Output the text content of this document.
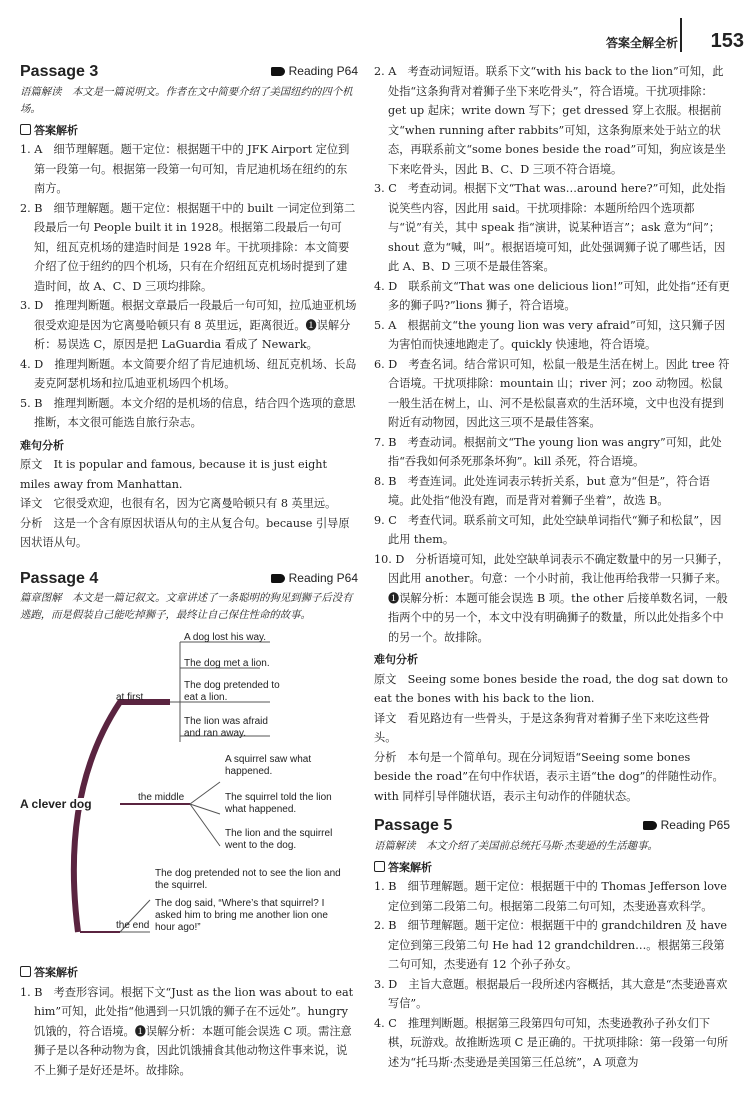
答案全解全析 153
Passage 3	Reading P64

语篇解读　本文是一篇说明文。作者在文中简要介绍了美国纽约的四个机场。

答案解析

1. A　细节理解题。题干定位：根据题干中的 JFK Airport 定位到第一段第一句。根据第一段第一句可知，肯尼迪机场在纽约的东南方。

2. B　细节理解题。题干定位：根据题干中的 built 一词定位到第二段最后一句 People built it in 1928。根据第二段最后一句可知，纽瓦克机场的建造时间是 1928 年。干扰项排除：本文简要介绍了位于纽约的四个机场，只有在介绍纽瓦克机场时提到了建造时间，故 A、C、D 三项均排除。

3. D　推理判断题。根据文章最后一段最后一句可知，拉瓜迪亚机场很受欢迎是因为它离曼哈顿只有 8 英里远，距离很近。❶误解分析：易误选 C，原因是把 LaGuardia 看成了 Newark。

4. D　推理判断题。本文简要介绍了肯尼迪机场、纽瓦克机场、长岛麦克阿瑟机场和拉瓜迪亚机场四个机场。

5. B　推理判断题。本文介绍的是机场的信息，结合四个选项的意思推断，本文很可能选自旅行杂志。

难句分析

原文　It is popular and famous, because it is just eight miles away from Manhattan.

译文　它很受欢迎，也很有名，因为它离曼哈顿只有 8 英里远。

分析　这是一个含有原因状语从句的主从复合句。because 引导原因状语从句。

Passage 4	Reading P64

篇章图解　本文是一篇记叙文。文章讲述了一条聪明的狗见到狮子后没有逃跑，而是假装自己能吃掉狮子，最终让自己保住性命的故事。

A clever dog
at first
the middle
the end
A dog lost his way.
The dog met a lion.
The dog pretended to eat a lion.
The lion was afraid and ran away.
A squirrel saw what happened.
The squirrel told the lion what happened.
The lion and the squirrel went to the dog.
The dog pretended not to see the lion and the squirrel.
The dog said, “Where’s that squirrel? I asked him to bring me another lion one hour ago!”
答案解析

1. B　考查形容词。根据下文“Just as the lion was about to eat him”可知，此处指“他遇到一只饥饿的狮子在不远处”。hungry 饥饿的，符合语境。❶误解分析：本题可能会误选 C 项。需注意狮子是以各种动物为食，因此饥饿捕食其他动物这件事来说，说不上狮子是好还是坏。故排除。

2. A　考查动词短语。联系下文“with his back to the lion”可知，此处指“这条狗背对着狮子坐下来吃骨头”，符合语境。干扰项排除：get up 起床；write down 写下；get dressed 穿上衣服。根据前文“when running after rabbits”可知，这条狗原来处于站立的状态，再联系前文“some bones beside the road”可知，狗应该是坐下来吃骨头，因此 B、C、D 三项不符合语境。

3. C　考查动词。根据下文“That was…around here?”可知，此处指说笑些内容，因此用 said。干扰项排除：本题所给四个选项都与“说”有关，其中 speak 指“演讲，说某种语言”；ask 意为“问”；shout 意为“喊，叫”。根据语境可知，此处强调狮子说了哪些话，因此 A、B、D 三项不是最佳答案。

4. D　联系前文“That was one delicious lion!”可知，此处指“还有更多的狮子吗?”lions 狮子，符合语境。

5. A　根据前文“the young lion was very afraid”可知，这只狮子因为害怕而快速地跑走了。quickly 快速地，符合语境。

6. D　考查名词。结合常识可知，松鼠一般是生活在树上。因此 tree 符合语境。干扰项排除：mountain 山；river 河；zoo 动物园。松鼠一般生活在树上，山、河不是松鼠喜欢的生活环境，文中也没有提到附近有动物园，因此这三项不是最佳答案。

7. B　考查动词。根据前文“The young lion was angry”可知，此处指“吞我如何杀死那条坏狗”。kill 杀死，符合语境。

8. B　考查连词。此处连词表示转折关系，but 意为“但是”，符合语境。此处指“他没有跑，而是背对着狮子坐着”，故选 B。

9. C　考查代词。联系前文可知，此处空缺单词指代“狮子和松鼠”，因此用 them。

10. D　分析语境可知，此处空缺单词表示不确定数量中的另一只狮子，因此用 another。句意：一个小时前，我让他再给我带一只狮子来。❶误解分析：本题可能会误选 B 项。the other 后接单数名词，一般指两个中的另一个，本文中没有明确狮子的数量，所以此处指多个中的另一个。故排除。

难句分析

原文　Seeing some bones beside the road, the dog sat down to eat the bones with his back to the lion.

译文　看见路边有一些骨头，于是这条狗背对着狮子坐下来吃这些骨头。

分析　本句是一个简单句。现在分词短语“Seeing some bones beside the road”在句中作状语，表示主语“the dog”的伴随性动作。with 同样引导伴随状语，表示主句动作的伴随状态。

Passage 5	Reading P65

语篇解读　本文介绍了美国前总统托马斯·杰斐逊的生活趣事。

答案解析

1. B　细节理解题。题干定位：根据题干中的 Thomas Jefferson love 定位到第二段第二句。根据第二段第二句可知，杰斐逊喜欢科学。

2. B　细节理解题。题干定位：根据题干中的 grandchildren 及 have 定位到第三段第二句 He had 12 grandchildren…。根据第三段第二句可知，杰斐逊有 12 个孙子孙女。

3. D　主旨大意题。根据最后一段所述内容概括，其大意是“杰斐逊喜欢写信”。

4. C　推理判断题。根据第三段第四句可知，杰斐逊教孙子孙女们下棋，玩游戏。故推断选项 C 是正确的。干扰项排除：第一段第一句所述为“托马斯·杰斐逊是美国第三任总统”，A 项意为
